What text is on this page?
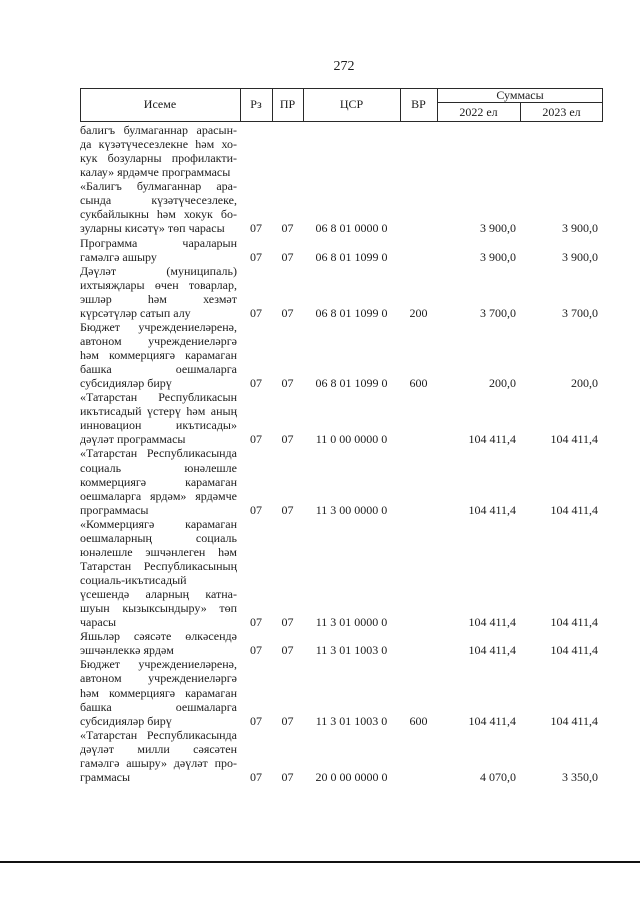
272
Исеме	Рз	ПР	ЦСР	ВР
Суммасы
2022 ел	2023 ел
балигъ булмаганнар арасын-
да күзәтүчесезлекне һәм хо-
кук бозуларны профилакти-
калау» ярдәмче программасы
«Балигъ булмаганнар ара-
сында күзәтүчесезлеке,
сукбайлыкны һәм хокук бо-
зуларны кисәтү» төп чарасы	07	07	06 8 01 0000 0	3 900,0	3 900,0
Программа чараларын
гамәлгә ашыру	07	07	06 8 01 1099 0	3 900,0	3 900,0
Дәүләт (муниципаль)
ихтыяҗлары өчен товарлар,
эшләр һәм хезмәт
күрсәтүләр сатып алу	07	07	06 8 01 1099 0	200	3 700,0	3 700,0
Бюджет учреждениеләренә,
автоном учреждениеләргә
һәм коммерциягә карамаган
башка оешмаларга
субсидияләр бирү	07	07	06 8 01 1099 0	600	200,0	200,0
«Татарстан Республикасын
икътисадый үстерү һәм аның
инновацион икътисады»
дәүләт программасы	07	07	11 0 00 0000 0	104 411,4	104 411,4
«Татарстан Республикасында
социаль юнәлешле
коммерциягә карамаган
оешмаларга ярдәм» ярдәмче
программасы	07	07	11 3 00 0000 0	104 411,4	104 411,4
«Коммерциягә карамаган
оешмаларның социаль
юнәлешле эшчәнлеген һәм
Татарстан Республикасының
социаль-икътисадый
үсешендә аларның катна-
шуын кызыксындыру» төп
чарасы	07	07	11 3 01 0000 0	104 411,4	104 411,4
Яшьләр сәясәте өлкәсендә
эшчәнлеккә ярдәм	07	07	11 3 01 1003 0	104 411,4	104 411,4
Бюджет учреждениеләренә,
автоном учреждениеләргә
һәм коммерциягә карамаган
башка оешмаларга
субсидияләр бирү	07	07	11 3 01 1003 0	600	104 411,4	104 411,4
«Татарстан Республикасында
дәүләт милли сәясәтен
гамәлгә ашыру» дәүләт про-
граммасы	07	07	20 0 00 0000 0	4 070,0	3 350,0
